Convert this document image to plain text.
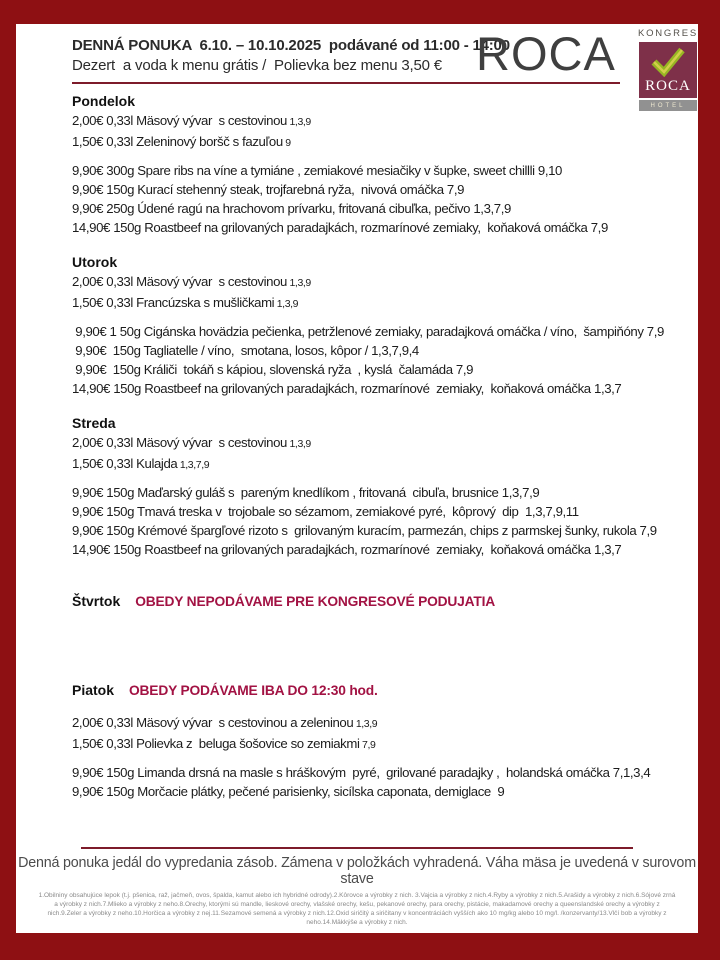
DENNÁ PONUKA  6.10. – 10.10.2025  podávané od 11:00 - 14:00
Dezert  a voda k menu grátis /  Polievka bez menu 3,50 €
Pondelok
2,00€ 0,33l Mäsový vývar  s cestovinou 1,3,9
1,50€ 0,33l Zeleninový boršč s fazuľou 9
9,90€ 300g Spare ribs na víne a tymiáne , zemiakové mesiačiky v šupke, sweet chillli 9,10
9,90€ 150g Kurací stehenný steak, trojfarebná ryža,  nivová omáčka 7,9
9,90€ 250g Údené ragú na hrachovom prívarku, fritovaná cibuľka, pečivo 1,3,7,9
14,90€ 150g Roastbeef na grilovaných paradajkách, rozmarínové zemiaky,  koňaková omáčka 7,9
Utorok
2,00€ 0,33l Mäsový vývar  s cestovinou 1,3,9
1,50€ 0,33l Francúzska s mušličkami 1,3,9
9,90€ 1 50g Cigánska hovädzia pečienka, petržlenové zemiaky, paradajková omáčka / víno,  šampiňóny 7,9
9,90€  150g Tagliatelle / víno,  smotana, losos, kôpor / 1,3,7,9,4
9,90€  150g Králiči  tokáň s kápiou, slovenská ryža  , kyslá  čalamáda 7,9
14,90€ 150g Roastbeef na grilovaných paradajkách, rozmarínové  zemiaky,  koňaková omáčka 1,3,7
Streda
2,00€ 0,33l Mäsový vývar  s cestovinou 1,3,9
1,50€ 0,33l Kulajda 1,3,7,9
9,90€ 150g Maďarský guláš s  pareným knedlíkom , fritovaná  cibuľa, brusnice 1,3,7,9
9,90€ 150g Tmavá treska v  trojobale so sézamom, zemiakové pyré,  kôprový  dip  1,3,7,9,11
9,90€ 150g Krémové špargľové rizoto s  grilovaným kuracím, parmezán, chips z parmskej šunky, rukola 7,9
14,90€ 150g Roastbeef na grilovaných paradajkách, rozmarínové  zemiaky,  koňaková omáčka 1,3,7
Štvrtok OBEDY NEPODÁVAME PRE KONGRESOVÉ PODUJATIA
Piatok OBEDY PODÁVAME IBA DO 12:30 hod.
2,00€ 0,33l Mäsový vývar  s cestovinou a zeleninou 1,3,9
1,50€ 0,33l Polievka z  beluga šošovice so zemiakmi 7,9
9,90€ 150g Limanda drsná na masle s hráškovým  pyré,  grilované paradajky ,  holandská omáčka 7,1,3,4
9,90€ 150g Morčacie plátky, pečené parisienky, sicílska caponata, demiglace  9
ROCA	KONGRES
ROCA
HOTEL
Denná ponuka jedál do vypredania zásob. Zámena v položkách vyhradená. Váha mäsa je uvedená v surovom stave
1.Obilniny obsahujúce lepok (t.j. pšenica, raž, jačmeň, ovos, špalda, kamut alebo ich hybridné odrody).2.Kôrovce a výrobky z nich. 3.Vajcia a výrobky z nich.4.Ryby a výrobky z nich.5.Arašidy a výrobky z nich.6.Sójové zrná a výrobky z nich.7.Mlieko a výrobky z neho.8.Orechy, ktorými sú mandle, lieskové orechy, vlašské orechy, kešu, pekanové orechy, para orechy, pistácie, makadamové orechy a queenslandské orechy a výrobky z nich.9.Zeler a výrobky z neho.10.Horčica a výrobky z nej.11.Sezamové semená a výrobky z nich.12.Oxid siričitý a siričitany v koncentráciách vyšších ako 10 mg/kg alebo 10 mg/l. /konzervanty/13.Vlčí bob a výrobky z neho.14.Mäkkýše a výrobky z nich.
